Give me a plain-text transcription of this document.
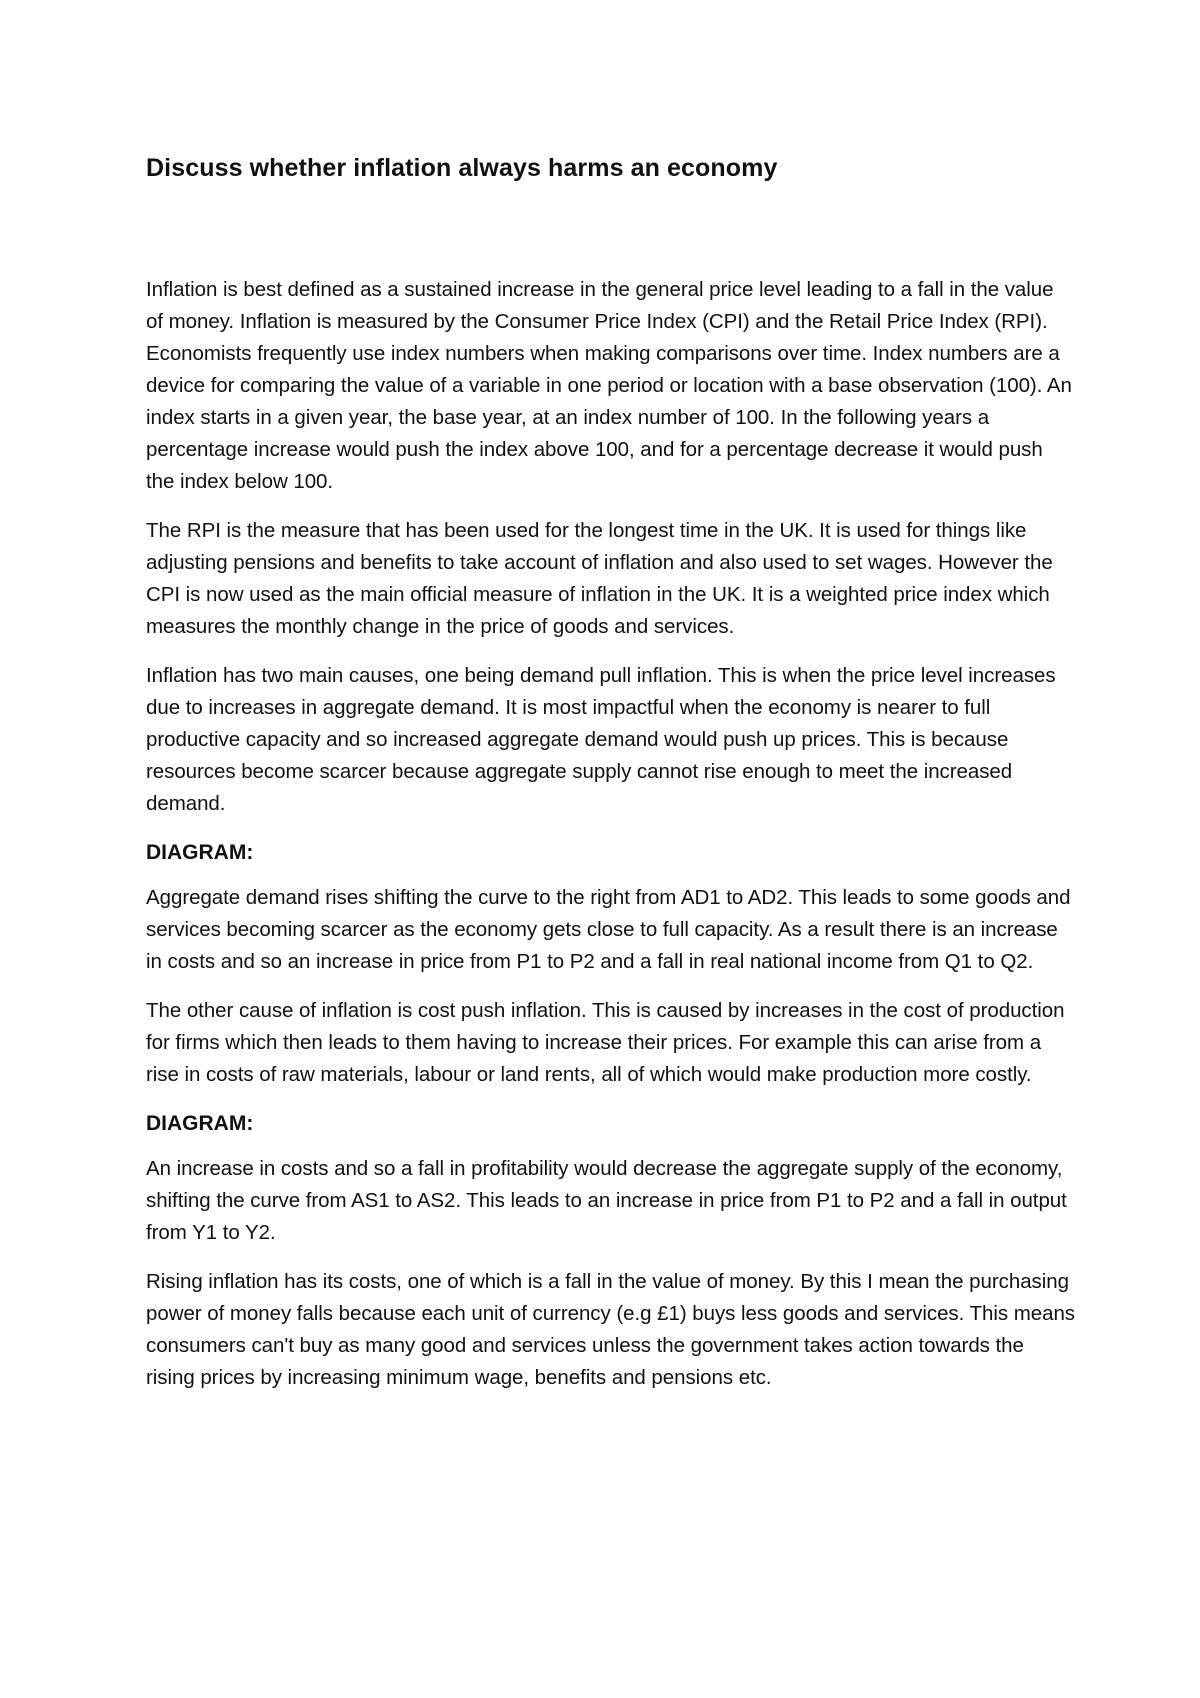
Discuss whether inflation always harms an economy

Inflation is best defined as a sustained increase in the general price level leading to a fall in the value of money. Inflation is measured by the Consumer Price Index (CPI) and the Retail Price Index (RPI). Economists frequently use index numbers when making comparisons over time. Index numbers are a device for comparing the value of a variable in one period or location with a base observation (100). An index starts in a given year, the base year, at an index number of 100. In the following years a percentage increase would push the index above 100, and for a percentage decrease it would push the index below 100.

The RPI is the measure that has been used for the longest time in the UK. It is used for things like adjusting pensions and benefits to take account of inflation and also used to set wages. However the CPI is now used as the main official measure of inflation in the UK. It is a weighted price index which measures the monthly change in the price of goods and services.

Inflation has two main causes, one being demand pull inflation. This is when the price level increases due to increases in aggregate demand. It is most impactful when the economy is nearer to full productive capacity and so increased aggregate demand would push up prices. This is because resources become scarcer because aggregate supply cannot rise enough to meet the increased demand.

DIAGRAM:

Aggregate demand rises shifting the curve to the right from AD1 to AD2. This leads to some goods and services becoming scarcer as the economy gets close to full capacity. As a result there is an increase in costs and so an increase in price from P1 to P2 and a fall in real national income from Q1 to Q2.

The other cause of inflation is cost push inflation. This is caused by increases in the cost of production for firms which then leads to them having to increase their prices. For example this can arise from a rise in costs of raw materials, labour or land rents, all of which would make production more costly.

DIAGRAM:

An increase in costs and so a fall in profitability would decrease the aggregate supply of the economy, shifting the curve from AS1 to AS2. This leads to an increase in price from P1 to P2 and a fall in output from Y1 to Y2.

Rising inflation has its costs, one of which is a fall in the value of money. By this I mean the purchasing power of money falls because each unit of currency (e.g £1) buys less goods and services. This means consumers can't buy as many good and services unless the government takes action towards the rising prices by increasing minimum wage, benefits and pensions etc.
